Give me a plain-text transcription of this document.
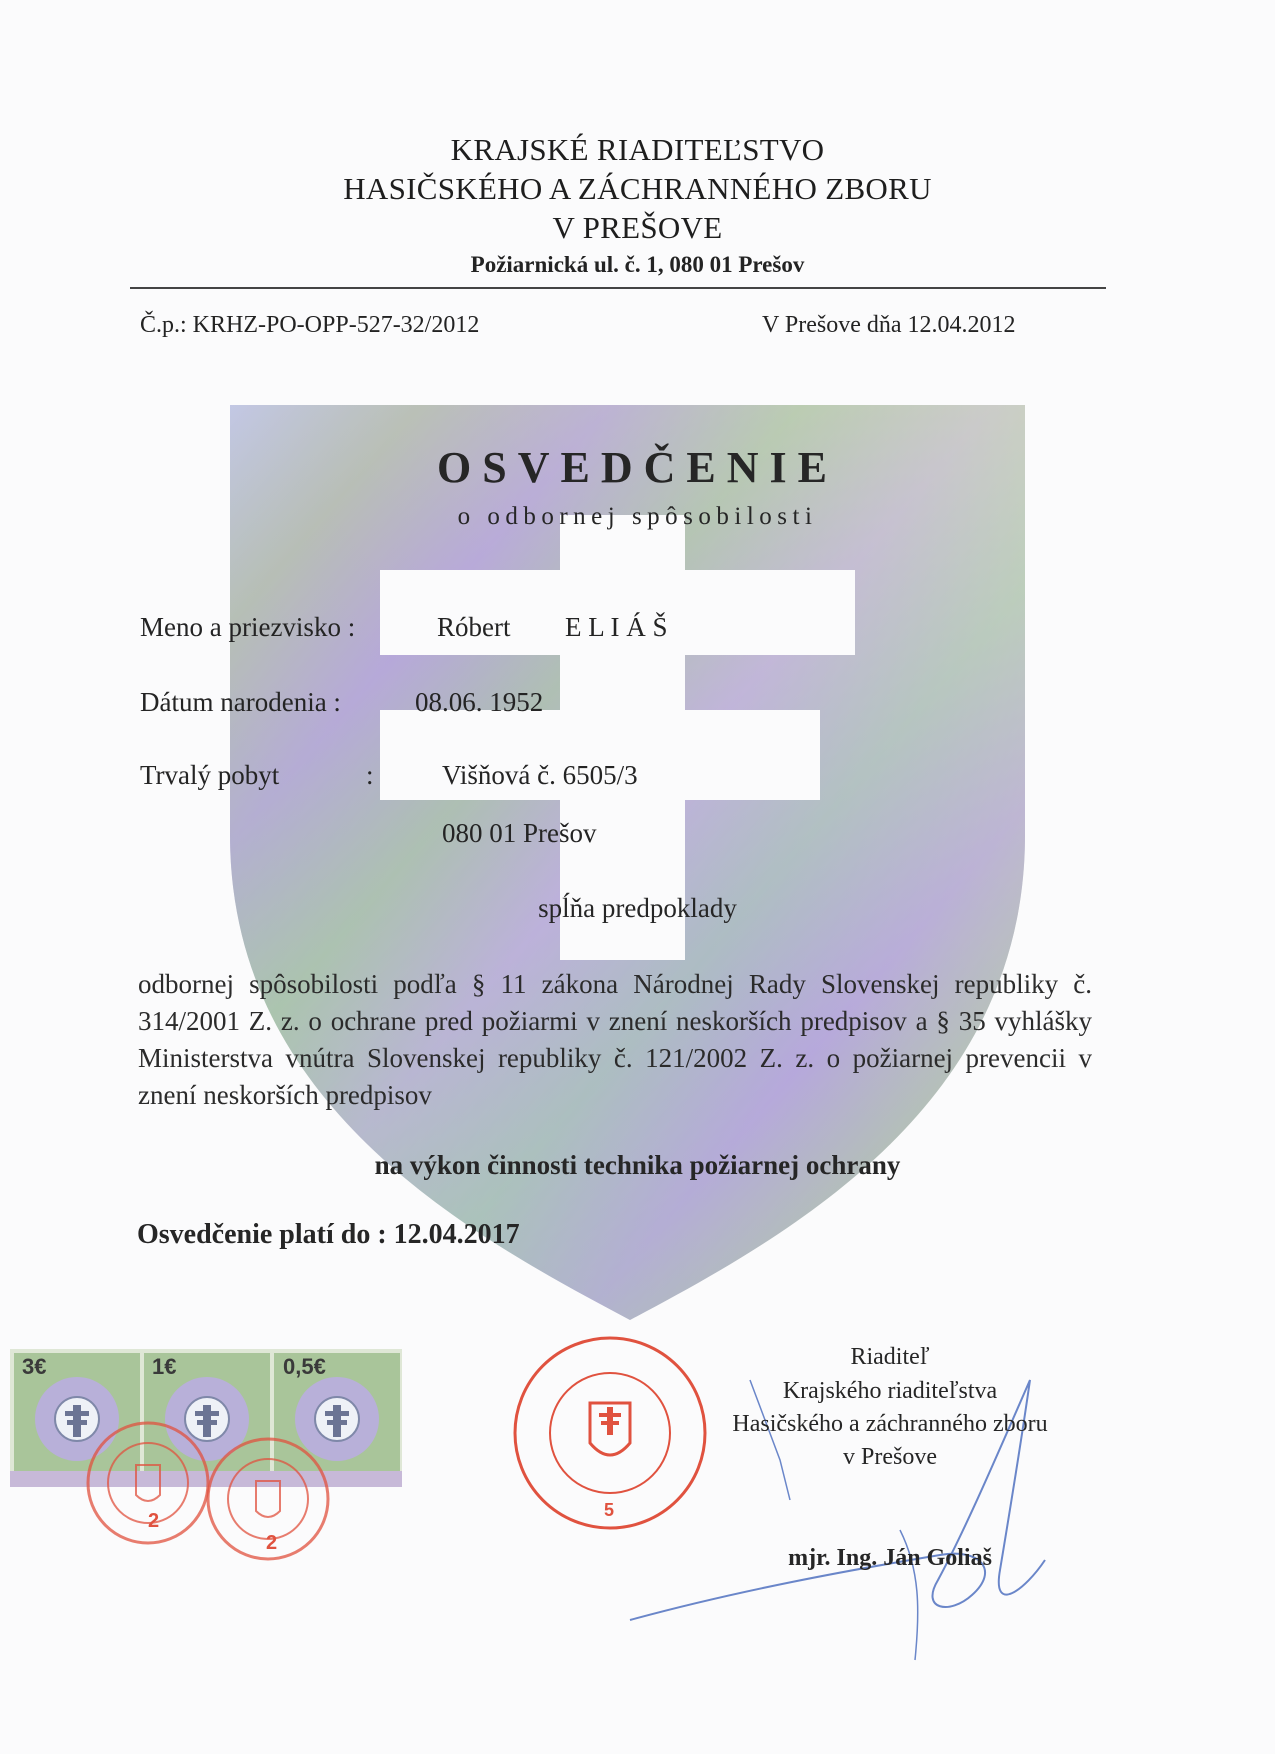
KRAJSKÉ RIADITEĽSTVO
HASIČSKÉHO A ZÁCHRANNÉHO ZBORU
V PREŠOVE
Požiarnická ul. č. 1, 080 01 Prešov
Č.p.: KRHZ-PO-OPP-527-32/2012	V Prešove dňa 12.04.2012
OSVEDČENIE
o odbornej spôsobilosti
Meno a priezvisko :	Róbert E L I Á Š
Dátum narodenia :	08.06. 1952
Trvalý pobyt	:	Višňová č. 6505/3
080 01 Prešov
spĺňa predpoklady
odbornej spôsobilosti podľa § 11 zákona Národnej Rady Slovenskej republiky č. 314/2001 Z. z. o ochrane pred požiarmi v znení neskorších predpisov a § 35 vyhlášky Ministerstva vnútra Slovenskej republiky č. 121/2002 Z. z. o požiarnej prevencii v znení neskorších predpisov
na výkon činnosti technika požiarnej ochrany
Osvedčenie platí do : 12.04.2017
3€	1€	0,5€
2
2
5
Riaditeľ
Krajského riaditeľstva
Hasičského a záchranného zboru
v Prešove
mjr. Ing. Ján Goliaš
